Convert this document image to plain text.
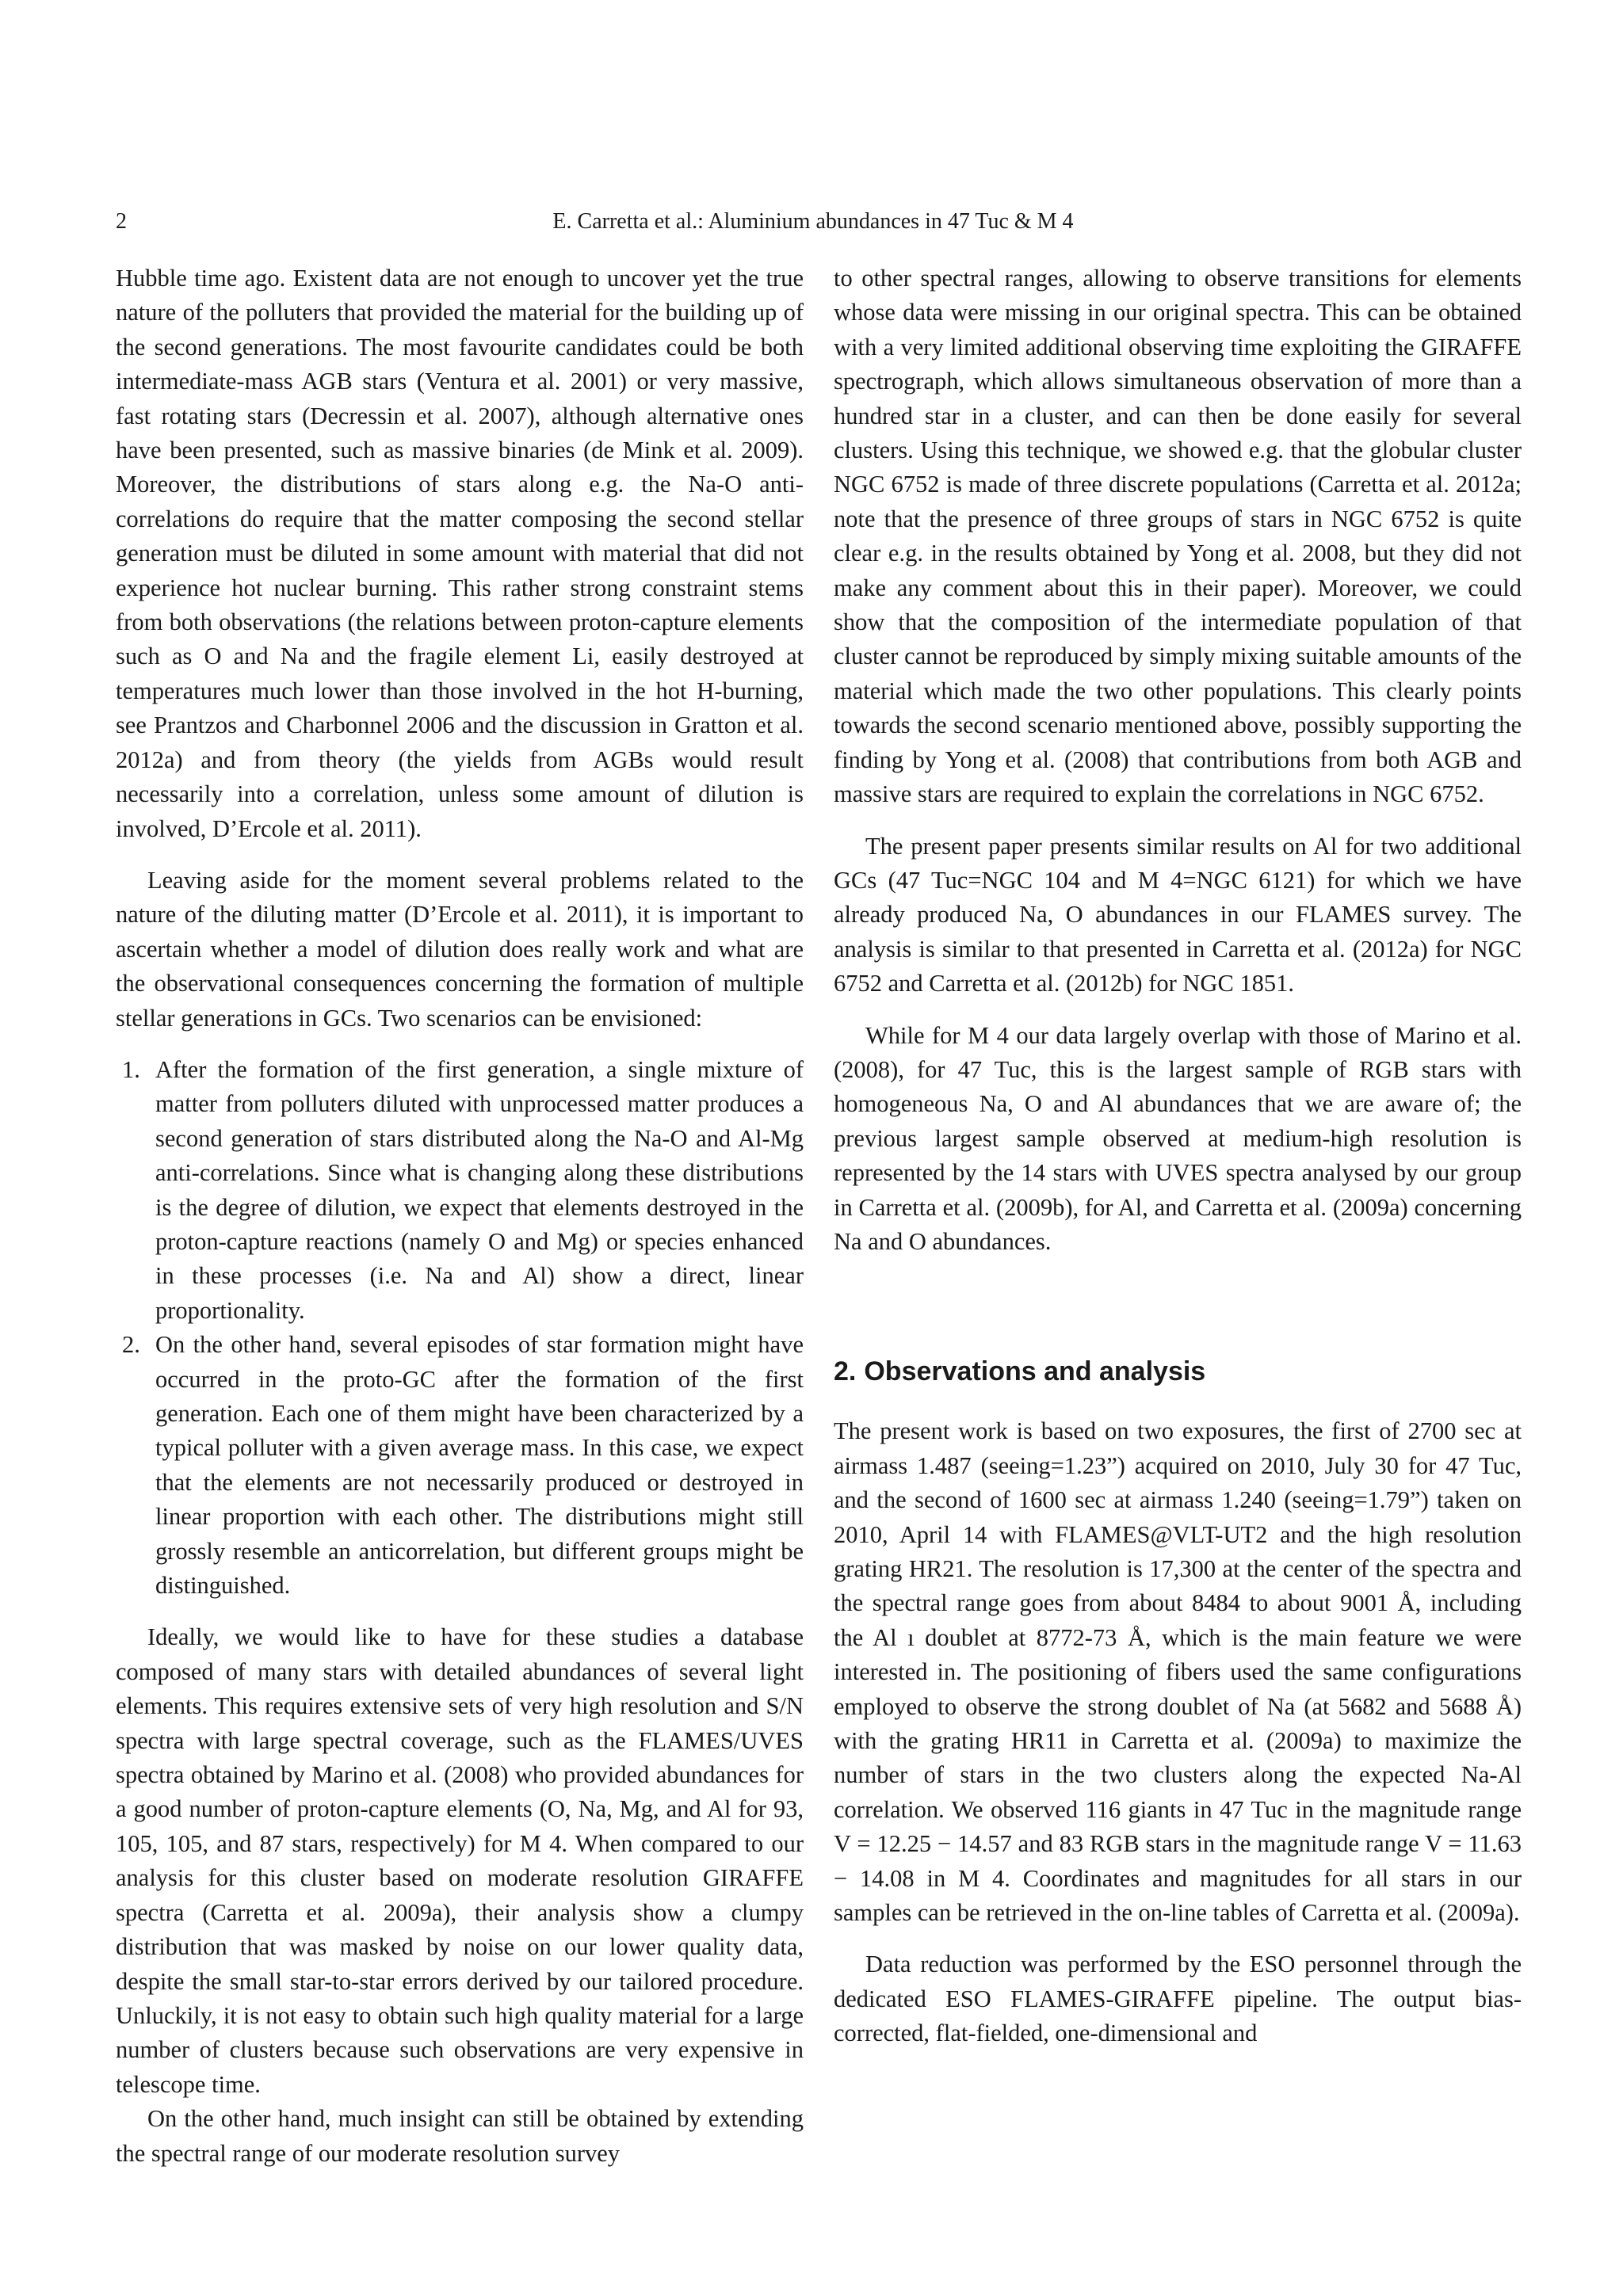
2	E. Carretta et al.: Aluminium abundances in 47 Tuc & M 4

Hubble time ago. Existent data are not enough to uncover yet the true nature of the polluters that provided the material for the building up of the second generations. The most favourite candidates could be both intermediate-mass AGB stars (Ventura et al. 2001) or very massive, fast rotating stars (Decressin et al. 2007), although alternative ones have been presented, such as massive binaries (de Mink et al. 2009). Moreover, the distributions of stars along e.g. the Na-O anti-correlations do require that the matter composing the second stellar generation must be diluted in some amount with material that did not experience hot nuclear burning. This rather strong constraint stems from both observations (the relations between proton-capture elements such as O and Na and the fragile element Li, easily destroyed at temperatures much lower than those involved in the hot H-burning, see Prantzos and Charbonnel 2006 and the discussion in Gratton et al. 2012a) and from theory (the yields from AGBs would result necessarily into a correlation, unless some amount of dilution is involved, D’Ercole et al. 2011).

Leaving aside for the moment several problems related to the nature of the diluting matter (D’Ercole et al. 2011), it is important to ascertain whether a model of dilution does really work and what are the observational consequences concerning the formation of multiple stellar generations in GCs. Two scenarios can be envisioned:

1. After the formation of the first generation, a single mixture of matter from polluters diluted with unprocessed matter produces a second generation of stars distributed along the Na-O and Al-Mg anti-correlations. Since what is changing along these distributions is the degree of dilution, we expect that elements destroyed in the proton-capture reactions (namely O and Mg) or species enhanced in these processes (i.e. Na and Al) show a direct, linear proportionality.
2. On the other hand, several episodes of star formation might have occurred in the proto-GC after the formation of the first generation. Each one of them might have been characterized by a typical polluter with a given average mass. In this case, we expect that the elements are not necessarily produced or destroyed in linear proportion with each other. The distributions might still grossly resemble an anticorrelation, but different groups might be distinguished.

Ideally, we would like to have for these studies a database composed of many stars with detailed abundances of several light elements. This requires extensive sets of very high resolution and S/N spectra with large spectral coverage, such as the FLAMES/UVES spectra obtained by Marino et al. (2008) who provided abundances for a good number of proton-capture elements (O, Na, Mg, and Al for 93, 105, 105, and 87 stars, respectively) for M 4. When compared to our analysis for this cluster based on moderate resolution GIRAFFE spectra (Carretta et al. 2009a), their analysis show a clumpy distribution that was masked by noise on our lower quality data, despite the small star-to-star errors derived by our tailored procedure. Unluckily, it is not easy to obtain such high quality material for a large number of clusters because such observations are very expensive in telescope time.

On the other hand, much insight can still be obtained by extending the spectral range of our moderate resolution survey

to other spectral ranges, allowing to observe transitions for elements whose data were missing in our original spectra. This can be obtained with a very limited additional observing time exploiting the GIRAFFE spectrograph, which allows simultaneous observation of more than a hundred star in a cluster, and can then be done easily for several clusters. Using this technique, we showed e.g. that the globular cluster NGC 6752 is made of three discrete populations (Carretta et al. 2012a; note that the presence of three groups of stars in NGC 6752 is quite clear e.g. in the results obtained by Yong et al. 2008, but they did not make any comment about this in their paper). Moreover, we could show that the composition of the intermediate population of that cluster cannot be reproduced by simply mixing suitable amounts of the material which made the two other populations. This clearly points towards the second scenario mentioned above, possibly supporting the finding by Yong et al. (2008) that contributions from both AGB and massive stars are required to explain the correlations in NGC 6752.

The present paper presents similar results on Al for two additional GCs (47 Tuc=NGC 104 and M 4=NGC 6121) for which we have already produced Na, O abundances in our FLAMES survey. The analysis is similar to that presented in Carretta et al. (2012a) for NGC 6752 and Carretta et al. (2012b) for NGC 1851.

While for M 4 our data largely overlap with those of Marino et al. (2008), for 47 Tuc, this is the largest sample of RGB stars with homogeneous Na, O and Al abundances that we are aware of; the previous largest sample observed at medium-high resolution is represented by the 14 stars with UVES spectra analysed by our group in Carretta et al. (2009b), for Al, and Carretta et al. (2009a) concerning Na and O abundances.

2. Observations and analysis

The present work is based on two exposures, the first of 2700 sec at airmass 1.487 (seeing=1.23”) acquired on 2010, July 30 for 47 Tuc, and the second of 1600 sec at airmass 1.240 (seeing=1.79”) taken on 2010, April 14 with FLAMES@VLT-UT2 and the high resolution grating HR21. The resolution is 17,300 at the center of the spectra and the spectral range goes from about 8484 to about 9001 Å, including the Al ı doublet at 8772-73 Å, which is the main feature we were interested in. The positioning of fibers used the same configurations employed to observe the strong doublet of Na (at 5682 and 5688 Å) with the grating HR11 in Carretta et al. (2009a) to maximize the number of stars in the two clusters along the expected Na-Al correlation. We observed 116 giants in 47 Tuc in the magnitude range V = 12.25 − 14.57 and 83 RGB stars in the magnitude range V = 11.63 − 14.08 in M 4. Coordinates and magnitudes for all stars in our samples can be retrieved in the on-line tables of Carretta et al. (2009a).

Data reduction was performed by the ESO personnel through the dedicated ESO FLAMES-GIRAFFE pipeline. The output bias-corrected, flat-fielded, one-dimensional and
